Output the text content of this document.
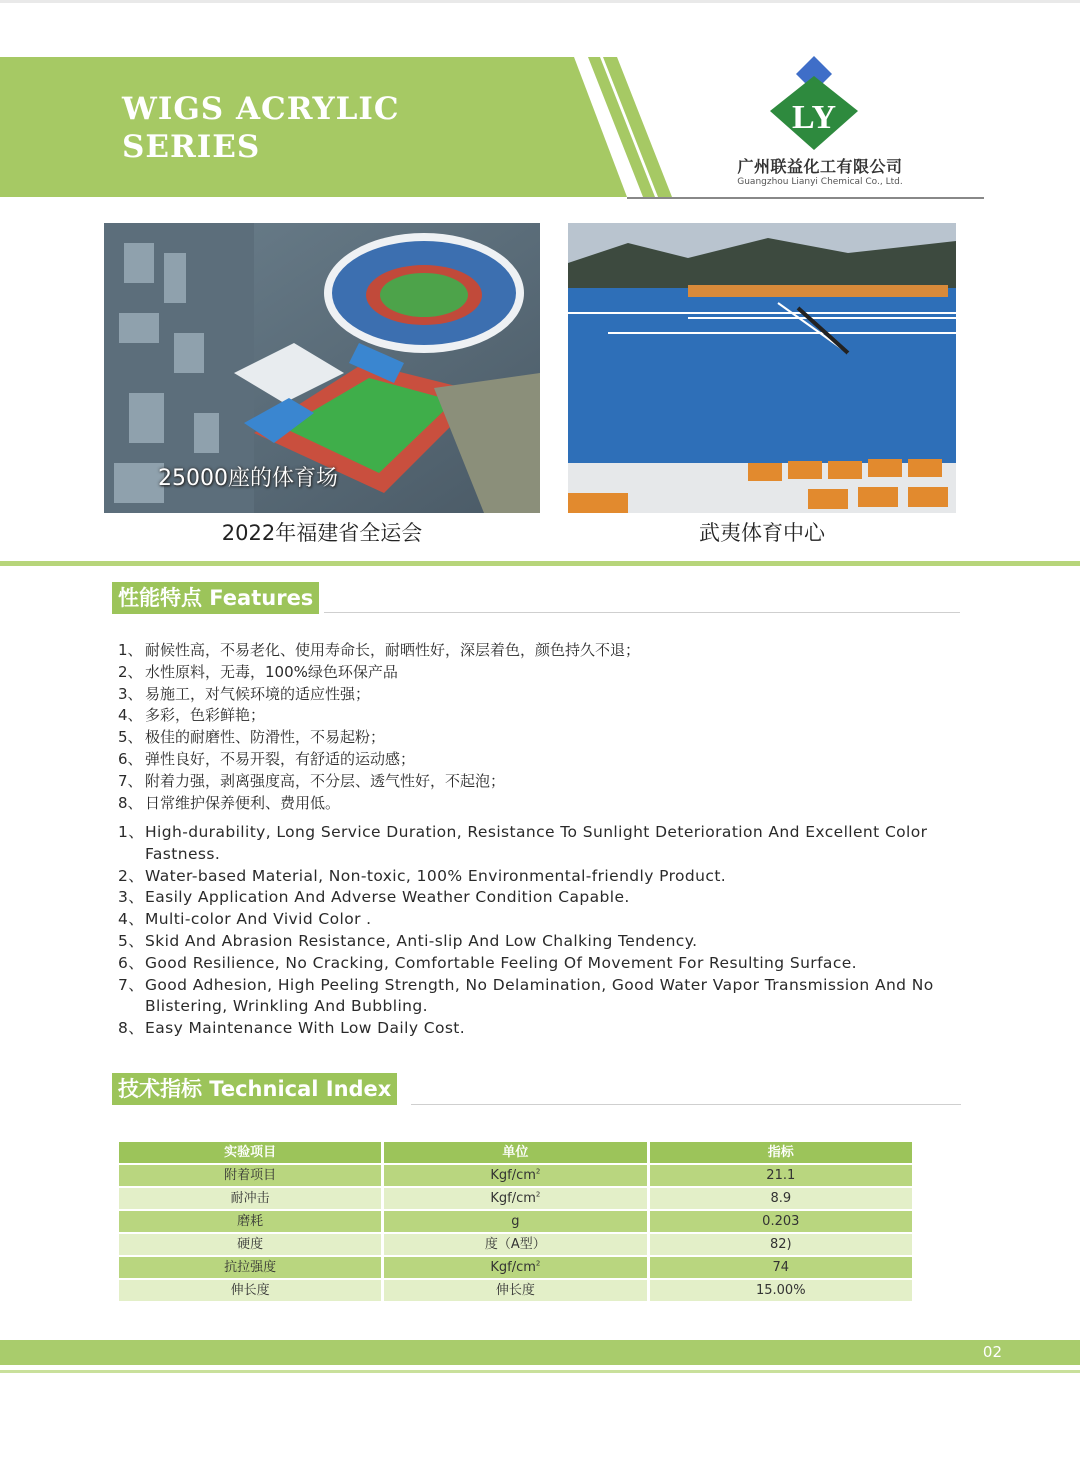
WIGS ACRYLIC
SERIES
LY
广州联益化工有限公司
Guangzhou Lianyi Chemical Co., Ltd.
25000座的体育场
2022年福建省全运会	武夷体育中心
性能特点 Features
1、 耐候性高，不易老化、使用寿命长，耐晒性好，深层着色，颜色持久不退；
2、 水性原料，无毒，100%绿色环保产品
3、 易施工，对气候环境的适应性强；
4、 多彩，色彩鲜艳；
5、 极佳的耐磨性、防滑性，不易起粉；
6、 弹性良好，不易开裂，有舒适的运动感；
7、 附着力强，剥离强度高，不分层、透气性好，不起泡；
8、 日常维护保养便利、费用低。
1、 High-durability, Long Service Duration, Resistance To Sunlight Deterioration And Excellent Color Fastness.
2、 Water-based Material, Non-toxic, 100% Environmental-friendly Product.
3、 Easily Application And Adverse Weather Condition Capable.
4、 Multi-color And Vivid Color .
5、 Skid And Abrasion Resistance, Anti-slip And Low Chalking Tendency.
6、 Good Resilience, No Cracking, Comfortable Feeling Of Movement For Resulting Surface.
7、 Good Adhesion, High Peeling Strength, No Delamination, Good Water Vapor Transmission And No Blistering, Wrinkling And Bubbling.
8、 Easy Maintenance With Low Daily Cost.
技术指标 Technical Index
实验项目	单位	指标
附着项目	Kgf/$cm^2$	21.1
耐冲击	Kgf/$cm^2$	8.9
磨耗	g	0.203
硬度	度（A型）	82)
抗拉强度	Kgf/$cm^2$	74
伸长度	伸长度	15.00%
02
